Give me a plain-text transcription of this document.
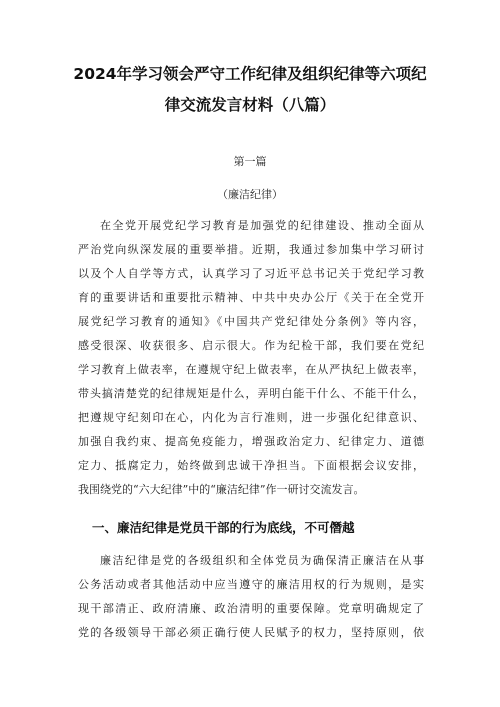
2024年学习领会严守工作纪律及组织纪律等六项纪
律交流发言材料（八篇）
第一篇
（廉洁纪律）
在全党开展党纪学习教育是加强党的纪律建设、推动全面从
严治党向纵深发展的重要举措。近期，我通过参加集中学习研讨
以及个人自学等方式，认真学习了习近平总书记关于党纪学习教
育的重要讲话和重要批示精神、中共中央办公厅《关于在全党开
展党纪学习教育的通知》《中国共产党纪律处分条例》等内容，
感受很深、收获很多、启示很大。作为纪检干部，我们要在党纪
学习教育上做表率，在遵规守纪上做表率，在从严执纪上做表率，
带头搞清楚党的纪律规矩是什么，弄明白能干什么、不能干什么，
把遵规守纪刻印在心，内化为言行准则，进一步强化纪律意识、
加强自我约束、提高免疫能力，增强政治定力、纪律定力、道德
定力、抵腐定力，始终做到忠诚干净担当。下面根据会议安排，
我围绕党的“六大纪律”中的“廉洁纪律”作一研讨交流发言。
一、廉洁纪律是党员干部的行为底线，不可僭越
廉洁纪律是党的各级组织和全体党员为确保清正廉洁在从事
公务活动或者其他活动中应当遵守的廉洁用权的行为规则，是实
现干部清正、政府清廉、政治清明的重要保障。党章明确规定了
党的各级领导干部必须正确行使人民赋予的权力，坚持原则，依
